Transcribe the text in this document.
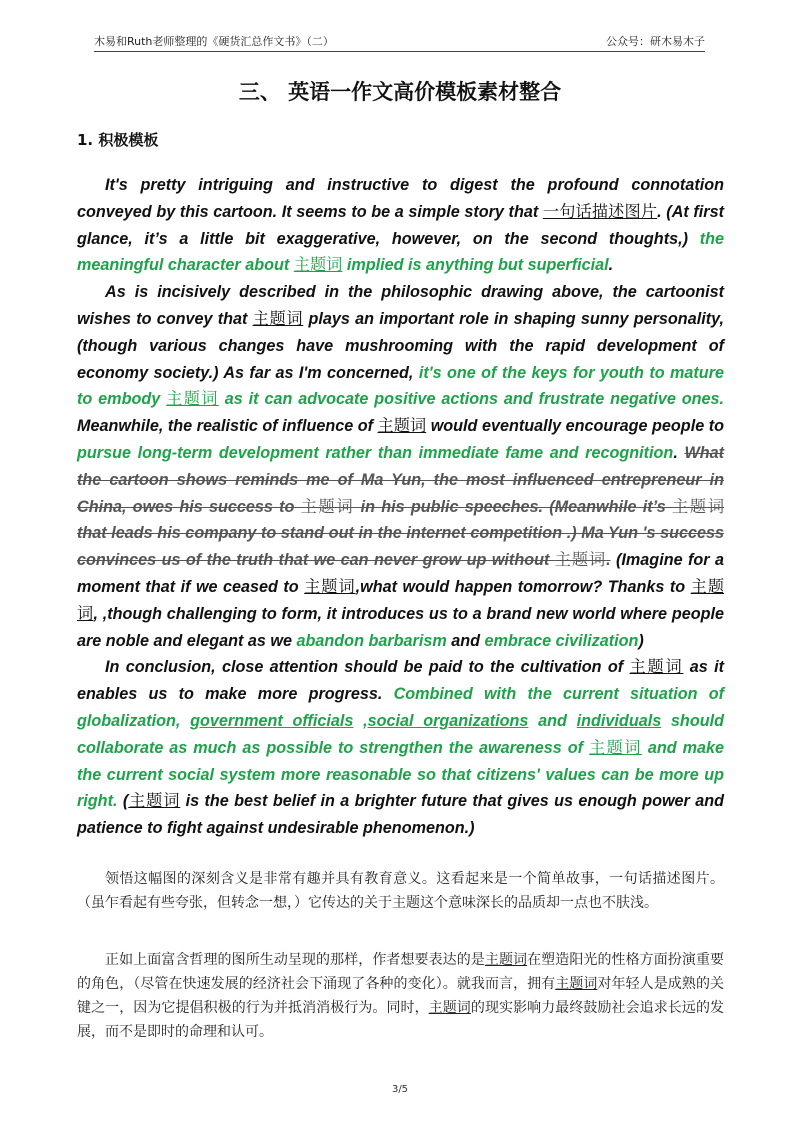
木易和Ruth老师整理的《硬货汇总作文书》（二）	公众号：研木易木子
三、 英语一作文高价模板素材整合
1. 积极模板

It's pretty intriguing and instructive to digest the profound connotation conveyed by this cartoon. It seems to be a simple story that 一句话描述图片. (At first glance, it’s a little bit exaggerative, however, on the second thoughts,) the meaningful character about 主题词 implied is anything but superficial.

As is incisively described in the philosophic drawing above, the cartoonist wishes to convey that 主题词 plays an important role in shaping sunny personality,(though various changes have mushrooming with the rapid development of economy society.) As far as I'm concerned, it's one of the keys for youth to mature to embody 主题词 as it can advocate positive actions and frustrate negative ones. Meanwhile, the realistic of influence of 主题词 would eventually encourage people to pursue long-term development rather than immediate fame and recognition. What the cartoon shows reminds me of Ma Yun, the most influenced entrepreneur in China, owes his success to 主题词 in his public speeches. (Meanwhile it’s 主题词 that leads his company to stand out in the internet competition .) Ma Yun 's success convinces us of the truth that we can never grow up without 主题词. (Imagine for a moment that if we ceased to 主题词,what would happen tomorrow? Thanks to 主题词, ,though challenging to form, it introduces us to a brand new world where people are noble and elegant as we abandon barbarism and embrace civilization)

In conclusion, close attention should be paid to the cultivation of 主题词 as it enables us to make more progress. Combined with the current situation of globalization, government officials ,social organizations and individuals should collaborate as much as possible to strengthen the awareness of 主题词 and make the current social system more reasonable so that citizens' values can be more up right. (主题词 is the best belief in a brighter future that gives us enough power and patience to fight against undesirable phenomenon.)

领悟这幅图的深刻含义是非常有趣并具有教育意义。这看起来是一个简单故事，一句话描述图片。（虽乍看起有些夸张，但转念一想，）它传达的关于主题这个意味深长的品质却一点也不肤浅。

正如上面富含哲理的图所生动呈现的那样，作者想要表达的是主题词在塑造阳光的性格方面扮演重要的角色，（尽管在快速发展的经济社会下涌现了各种的变化）。就我而言，拥有主题词对年轻人是成熟的关键之一，因为它提倡积极的行为并抵消消极行为。同时，主题词的现实影响力最终鼓励社会追求长远的发展，而不是即时的命理和认可。

3/5
